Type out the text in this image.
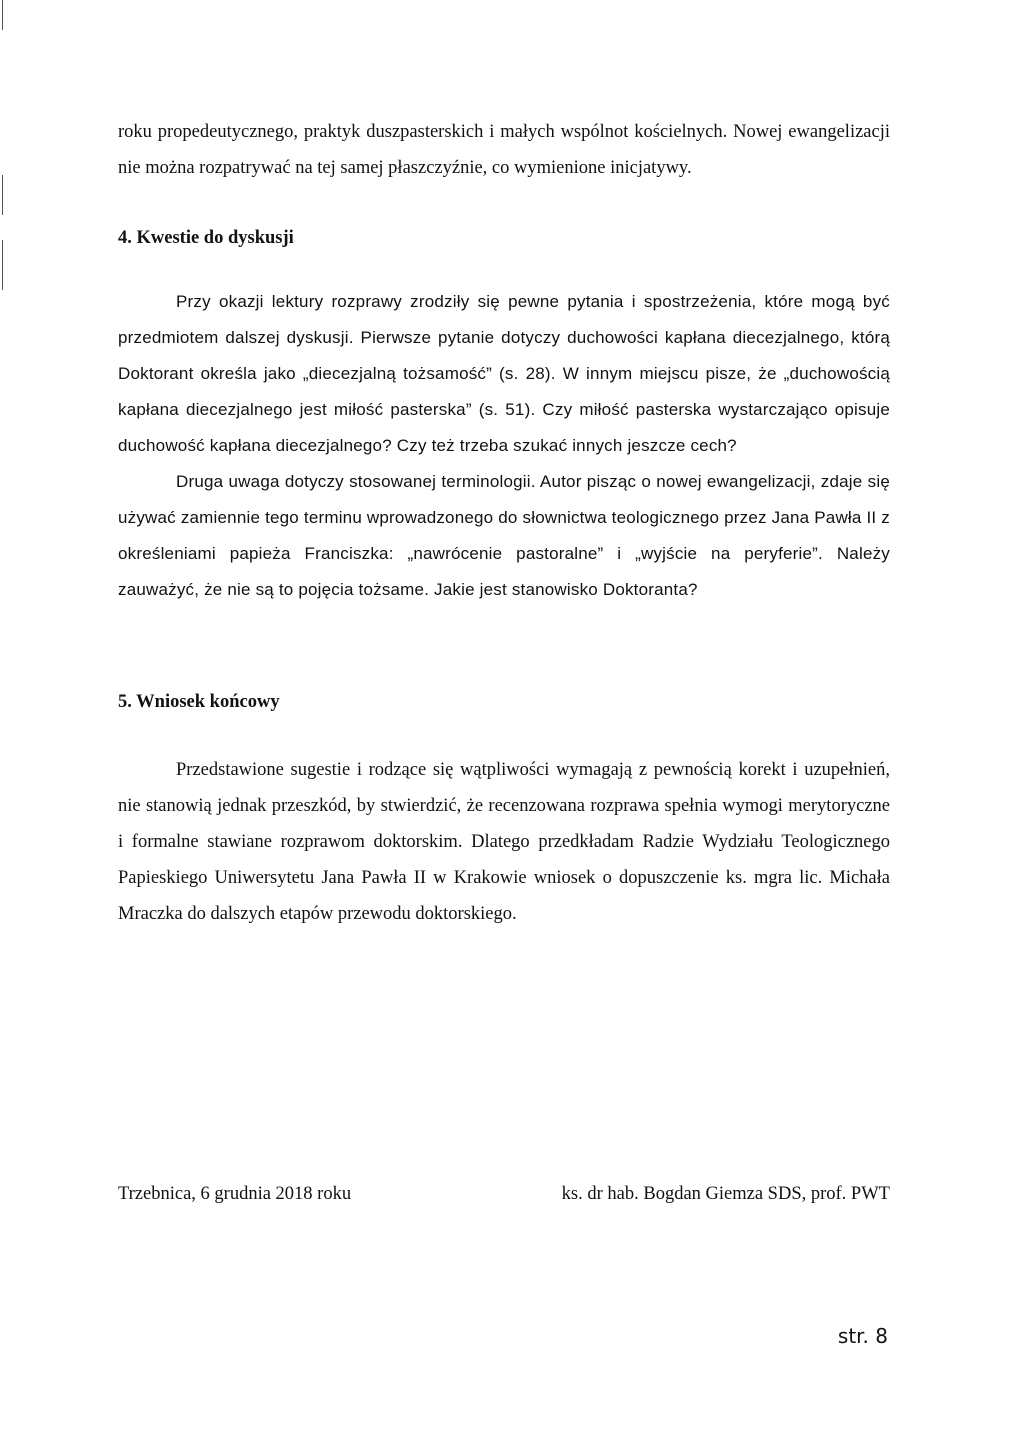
roku propedeutycznego, praktyk duszpasterskich i małych wspólnot kościelnych. Nowej ewangelizacji nie można rozpatrywać na tej samej płaszczyźnie, co wymienione inicjatywy.

4. Kwestie do dyskusji

Przy okazji lektury rozprawy zrodziły się pewne pytania i spostrzeżenia, które mogą być przedmiotem dalszej dyskusji. Pierwsze pytanie dotyczy duchowości kapłana diecezjalnego, którą Doktorant określa jako „diecezjalną tożsamość” (s. 28). W innym miejscu pisze, że „duchowością kapłana diecezjalnego jest miłość pasterska” (s. 51). Czy miłość pasterska wystarczająco opisuje duchowość kapłana diecezjalnego? Czy też trzeba szukać innych jeszcze cech?

Druga uwaga dotyczy stosowanej terminologii. Autor pisząc o nowej ewangelizacji, zdaje się używać zamiennie tego terminu wprowadzonego do słownictwa teologicznego przez Jana Pawła II z określeniami papieża Franciszka: „nawrócenie pastoralne” i „wyjście na peryferie”. Należy zauważyć, że nie są to pojęcia tożsame. Jakie jest stanowisko Doktoranta?

5. Wniosek końcowy

Przedstawione sugestie i rodzące się wątpliwości wymagają z pewnością korekt i uzupełnień, nie stanowią jednak przeszkód, by stwierdzić, że recenzowana rozprawa spełnia wymogi merytoryczne i formalne stawiane rozprawom doktorskim. Dlatego przedkładam Radzie Wydziału Teologicznego Papieskiego Uniwersytetu Jana Pawła II w Krakowie wniosek o dopuszczenie ks. mgra lic. Michała Mraczka do dalszych etapów przewodu doktorskiego.

Trzebnica, 6 grudnia 2018 roku	ks. dr hab. Bogdan Giemza SDS, prof. PWT
str. 8
